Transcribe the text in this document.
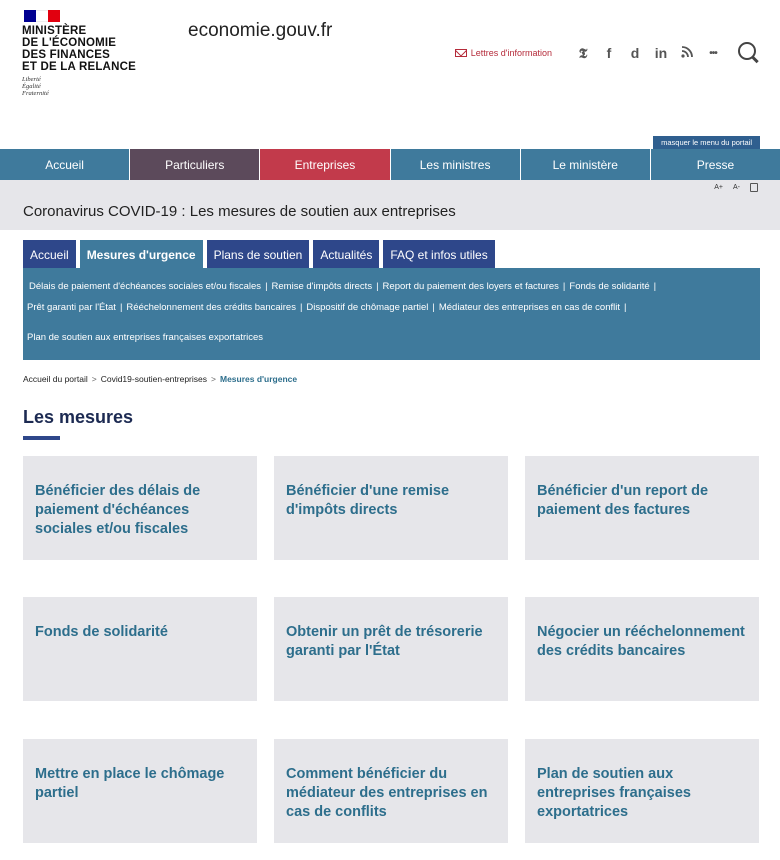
MINISTÈRE
DE L'ÉCONOMIE
DES FINANCES
ET DE LA RELANCE
Liberté
Égalité
Fraternité
economie.gouv.fr
Lettres d'information	𝕿	f	d	in	•••
masquer le menu du portail
Accueil	Particuliers	Entreprises	Les ministres	Le ministère	Presse
A+ A-
Coronavirus COVID-19 : Les mesures de soutien aux entreprises
Accueil	Mesures d'urgence	Plans de soutien	Actualités	FAQ et infos utiles
Délais de paiement d'échéances sociales et/ou fiscales | Remise d'impôts directs | Report du paiement des loyers et factures | Fonds de solidarité |
Prêt garanti par l'État | Rééchelonnement des crédits bancaires | Dispositif de chômage partiel | Médiateur des entreprises en cas de conflit |
Plan de soutien aux entreprises françaises exportatrices
Accueil du portail > Covid19-soutien-entreprises > Mesures d'urgence
Les mesures
Bénéficier des délais de paiement d'échéances sociales et/ou fiscales
Bénéficier d'une remise d'impôts directs
Bénéficier d'un report de paiement des factures
Fonds de solidarité	Obtenir un prêt de trésorerie garanti par l'État
Négocier un rééchelonnement des crédits bancaires
Mettre en place le chômage partiel
Comment bénéficier du médiateur des entreprises en cas de conflits
Plan de soutien aux entreprises françaises exportatrices
